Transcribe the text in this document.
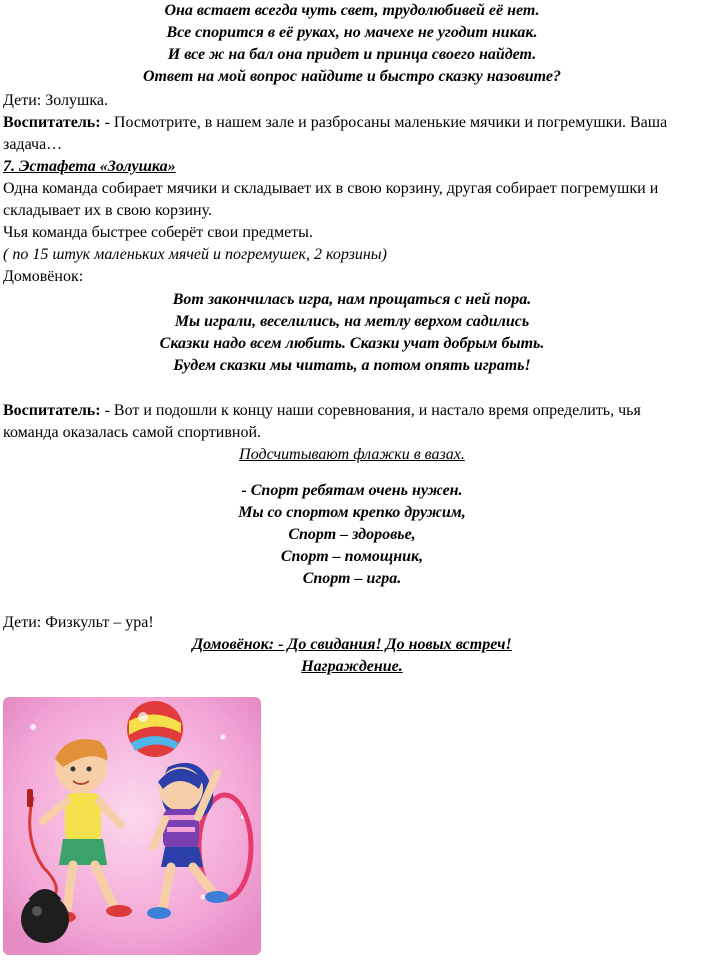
Она встает всегда чуть свет, трудолюбивей её нет.
Все спорится в её руках, но мачехе не угодит никак.
И все ж на бал она придет и принца своего найдет.
Ответ на мой вопрос найдите и быстро сказку назовите?
Дети: Золушка.
Воспитатель: - Посмотрите, в нашем зале и разбросаны маленькие мячики и погремушки. Ваша
задача…
7. Эстафета «Золушка»
Одна команда собирает мячики и складывает их в свою корзину, другая собирает погремушки и
складывает их в свою корзину.
Чья команда быстрее соберёт свои предметы.
( по 15 штук маленьких мячей и погремушек, 2 корзины)
Домовёнок:
Вот закончилась игра, нам прощаться с ней пора.
Мы играли, веселились, на метлу верхом садились
Сказки надо всем любить. Сказки учат добрым быть.
Будем сказки мы читать, а потом опять играть!
Воспитатель: - Вот и подошли к концу наши соревнования, и настало время определить, чья
команда оказалась самой спортивной.
Подсчитывают флажки в вазах.
- Спорт ребятам очень нужен.
Мы со спортом крепко дружим,
Спорт – здоровье,
Спорт – помощник,
Спорт – игра.
Дети: Физкульт – ура!
Домовёнок: - До свидания! До новых встреч!
Награждение.
